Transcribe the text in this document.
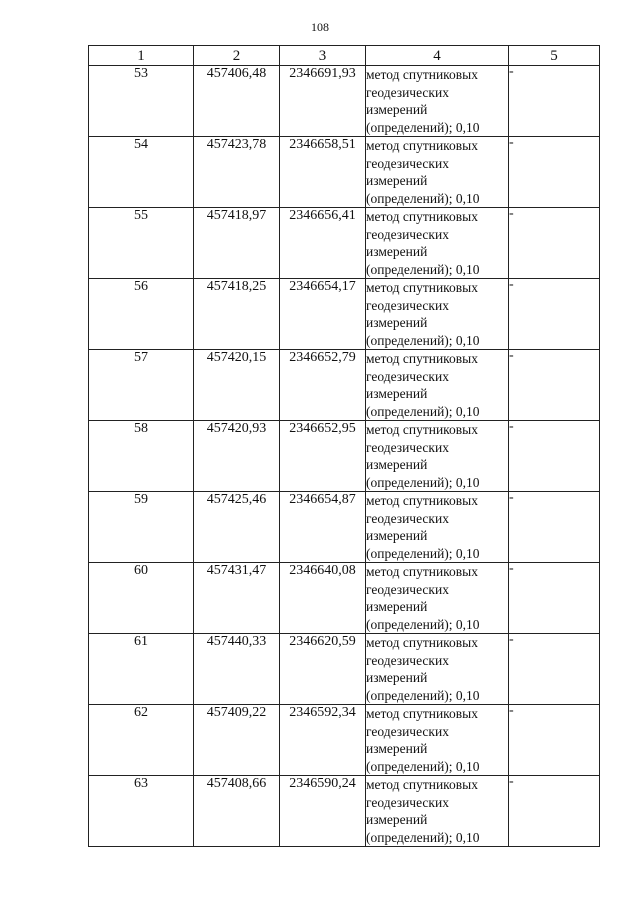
108
1	2	3	4	5
53	457406,48	2346691,93	метод спутниковых
геодезических
измерений
(определений); 0,10	-
54	457423,78	2346658,51	метод спутниковых
геодезических
измерений
(определений); 0,10	-
55	457418,97	2346656,41	метод спутниковых
геодезических
измерений
(определений); 0,10	-
56	457418,25	2346654,17	метод спутниковых
геодезических
измерений
(определений); 0,10	-
57	457420,15	2346652,79	метод спутниковых
геодезических
измерений
(определений); 0,10	-
58	457420,93	2346652,95	метод спутниковых
геодезических
измерений
(определений); 0,10	-
59	457425,46	2346654,87	метод спутниковых
геодезических
измерений
(определений); 0,10	-
60	457431,47	2346640,08	метод спутниковых
геодезических
измерений
(определений); 0,10	-
61	457440,33	2346620,59	метод спутниковых
геодезических
измерений
(определений); 0,10	-
62	457409,22	2346592,34	метод спутниковых
геодезических
измерений
(определений); 0,10	-
63	457408,66	2346590,24	метод спутниковых
геодезических
измерений
(определений); 0,10	-
